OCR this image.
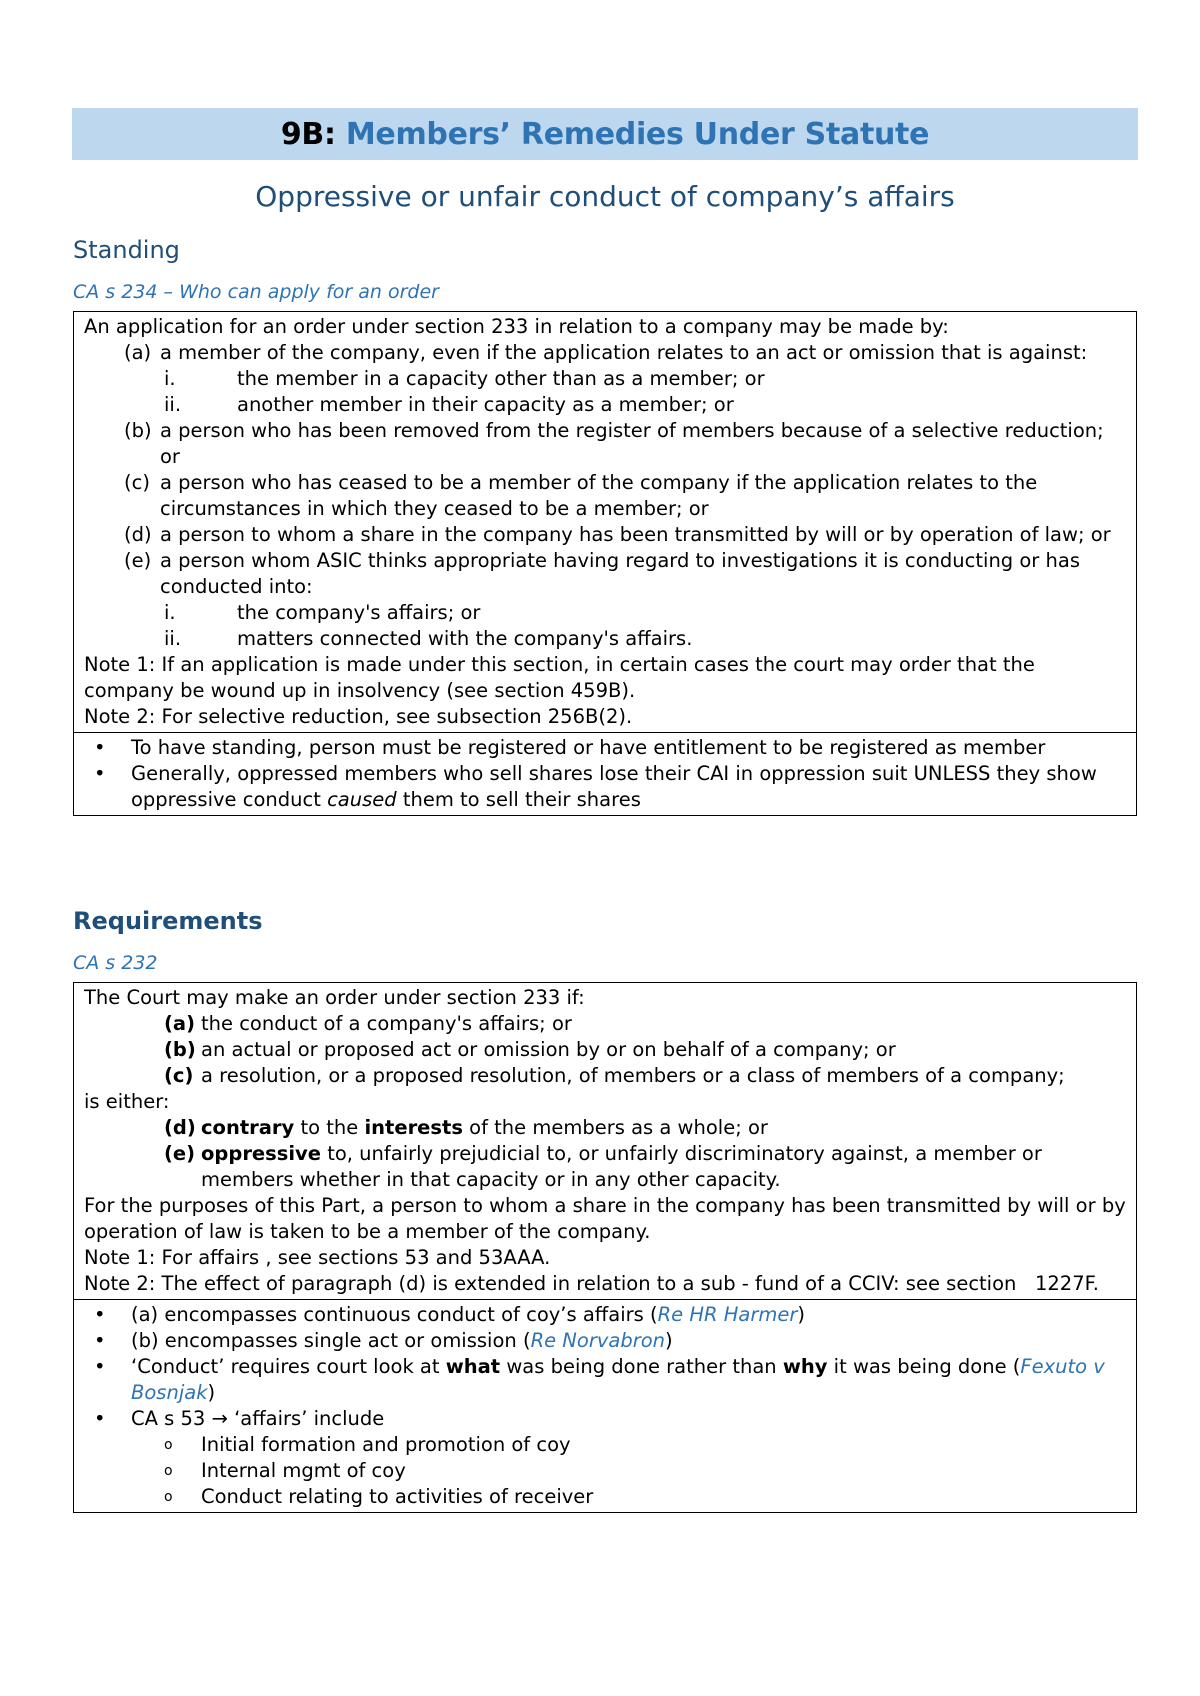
9B:
Members’ Remedies Under Statute
Oppressive or unfair conduct of company’s affairs
Standing
CA s 234 – Who can apply for an order
An application for an order under section 233 in relation to a company may be made by:
(a) a member of the company, even if the application relates to an act or omission that is against:
i.	the member in a capacity other than as a member; or
ii.	another member in their capacity as a member; or
(b) a person who has been removed from the register of members because of a selective reduction; or
(c) a person who has ceased to be a member of the company if the application relates to the circumstances in which they ceased to be a member; or
(d) a person to whom a share in the company has been transmitted by will or by operation of law; or
(e) a person whom ASIC thinks appropriate having regard to investigations it is conducting or has conducted into:
i.	the company's affairs; or
ii.	matters connected with the company's affairs.
Note 1: If an application is made under this section, in certain cases the court may order that the company be wound up in insolvency (see section 459B).
Note 2: For selective reduction, see subsection 256B(2).
•	To have standing, person must be registered or have entitlement to be registered as member
•	Generally, oppressed members who sell shares lose their CAI in oppression suit UNLESS they show oppressive conduct caused them to sell their shares
Requirements
CA s 232
The Court may make an order under section 233 if:
(a) the conduct of a company's affairs; or
(b) an actual or proposed act or omission by or on behalf of a company; or
(c) a resolution, or a proposed resolution, of members or a class of members of a company;
is either:
(d) contrary to the interests of the members as a whole; or
(e) oppressive to, unfairly prejudicial to, or unfairly discriminatory against, a member or members whether in that capacity or in any other capacity.
For the purposes of this Part, a person to whom a share in the company has been transmitted by will or by operation of law is taken to be a member of the company.
Note 1: For affairs , see sections 53 and 53AAA.
Note 2: The effect of paragraph (d) is extended in relation to a sub - fund of a CCIV: see section   1227F.
•	(a) encompasses continuous conduct of coy’s affairs (Re HR Harmer)
•	(b) encompasses single act or omission (Re Norvabron)
•	‘Conduct’ requires court look at what was being done rather than why it was being done (Fexuto v Bosnjak)
•	CA s 53 → ‘affairs’ include
o	Initial formation and promotion of coy
o	Internal mgmt of coy
o	Conduct relating to activities of receiver
